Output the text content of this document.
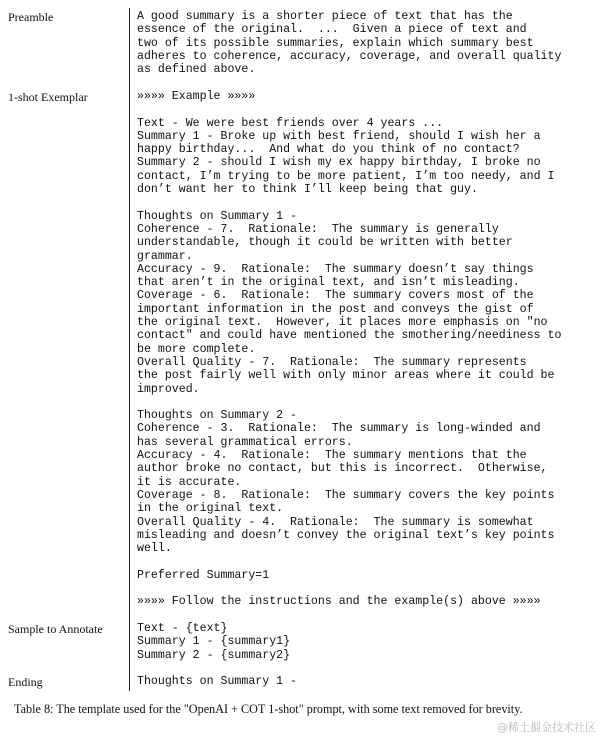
Preamble	A good summary is a shorter piece of text that has the
essence of the original.  ...  Given a piece of text and
two of its possible summaries, explain which summary best
adheres to coherence, accuracy, coverage, and overall quality
as defined above.
1-shot Exemplar	»»»» Example »»»»

Text - We were best friends over 4 years ...
Summary 1 - Broke up with best friend, should I wish her a
happy birthday...  And what do you think of no contact?
Summary 2 - should I wish my ex happy birthday, I broke no
contact, I’m trying to be more patient, I’m too needy, and I
don’t want her to think I’ll keep being that guy.

Thoughts on Summary 1 -
Coherence - 7.  Rationale:  The summary is generally
understandable, though it could be written with better
grammar.
Accuracy - 9.  Rationale:  The summary doesn’t say things
that aren’t in the original text, and isn’t misleading.
Coverage - 6.  Rationale:  The summary covers most of the
important information in the post and conveys the gist of
the original text.  However, it places more emphasis on "no
contact" and could have mentioned the smothering/neediness to
be more complete.
Overall Quality - 7.  Rationale:  The summary represents
the post fairly well with only minor areas where it could be
improved.

Thoughts on Summary 2 -
Coherence - 3.  Rationale:  The summary is long-winded and
has several grammatical errors.
Accuracy - 4.  Rationale:  The summary mentions that the
author broke no contact, but this is incorrect.  Otherwise,
it is accurate.
Coverage - 8.  Rationale:  The summary covers the key points
in the original text.
Overall Quality - 4.  Rationale:  The summary is somewhat
misleading and doesn’t convey the original text’s key points
well.

Preferred Summary=1

»»»» Follow the instructions and the example(s) above »»»»
Sample to Annotate	Text - {text}
Summary 1 - {summary1}
Summary 2 - {summary2}
Ending	Thoughts on Summary 1 -
Table 8: The template used for the "OpenAI + COT 1-shot" prompt, with some text removed for brevity.
@稀土掘金技术社区
